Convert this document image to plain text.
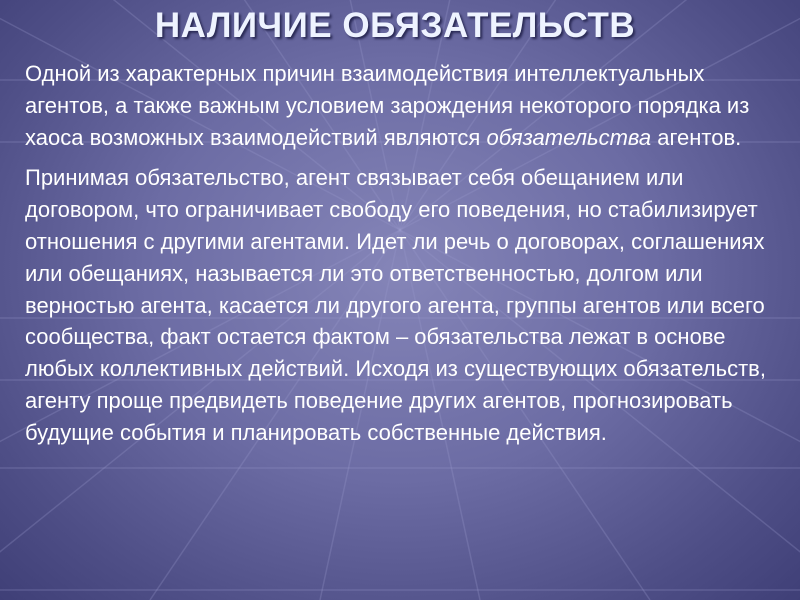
НАЛИЧИЕ ОБЯЗАТЕЛЬСТВ

Одной из характерных причин взаимодействия интеллектуальных агентов, а также важным условием зарождения некоторого порядка из хаоса возможных взаимодействий являются обязательства агентов.

Принимая обязательство, агент связывает себя обещанием или договором, что ограничивает свободу его поведения, но стабилизирует отношения с другими агентами. Идет ли речь о договорах, соглашениях или обещаниях, называется ли это ответственностью, долгом или верностью агента, касается ли другого агента, группы агентов или всего сообщества, факт остается фактом – обязательства лежат в основе любых коллективных действий. Исходя из существующих обязательств, агенту проще предвидеть поведение других агентов, прогнозировать будущие события и планировать собственные действия.
